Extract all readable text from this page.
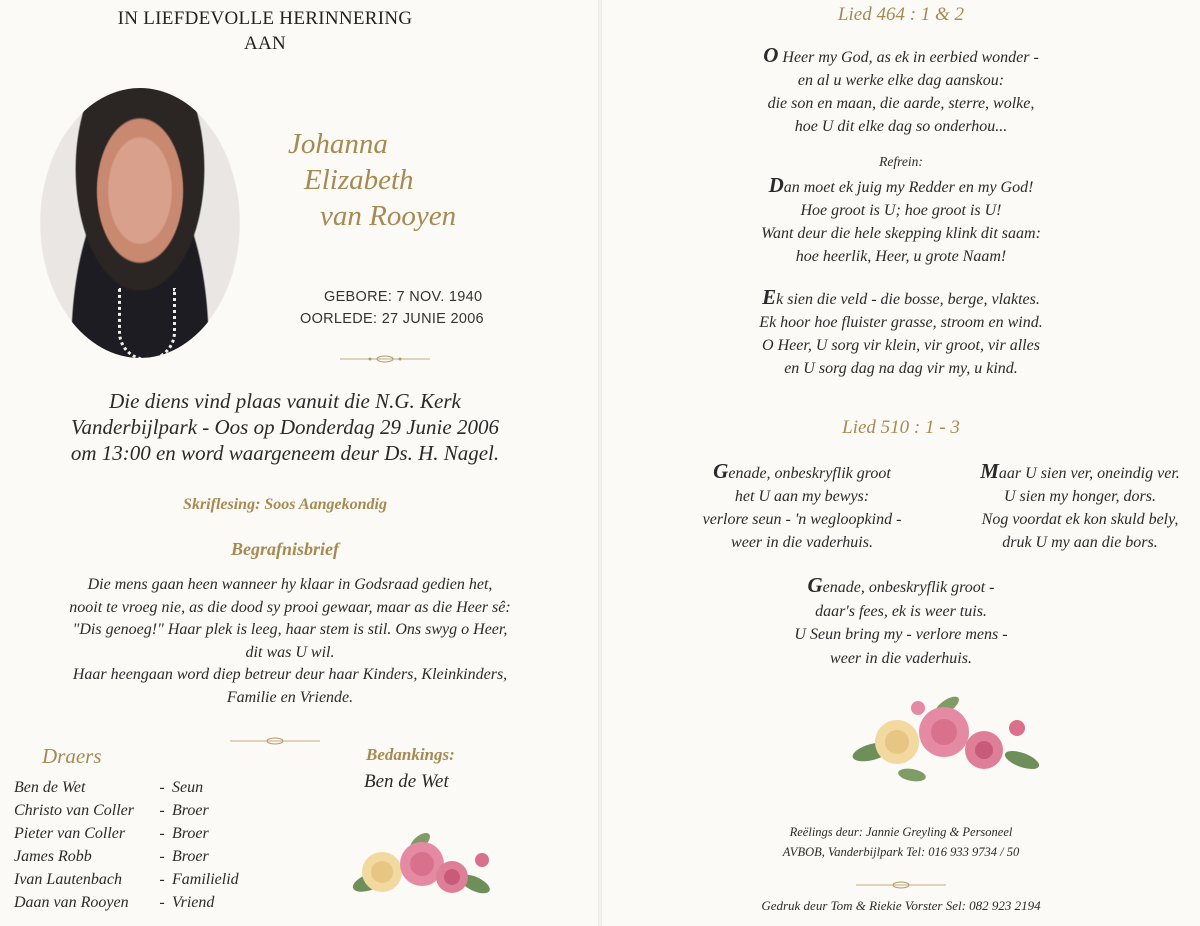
IN LIEFDEVOLLE HERINNERING
AAN
Johanna
Elizabeth
van Rooyen
GEBORE: 7 NOV. 1940
OORLEDE: 27 JUNIE 2006
Die diens vind plaas vanuit die N.G. Kerk
Vanderbijlpark - Oos op Donderdag 29 Junie 2006
om 13:00 en word waargeneem deur Ds. H. Nagel.
Skriflesing: Soos Aangekondig
Begrafnisbrief
Die mens gaan heen wanneer hy klaar in Godsraad gedien het,
nooit te vroeg nie, as die dood sy prooi gewaar, maar as die Heer sê:
"Dis genoeg!" Haar plek is leeg, haar stem is stil. Ons swyg o Heer,
dit was U wil.
Haar heengaan word diep betreur deur haar Kinders, Kleinkinders,
Familie en Vriende.
Draers
Ben de Wet	- Seun
Christo van Coller	- Broer
Pieter van Coller	- Broer
James Robb	- Broer
Ivan Lautenbach	- Familielid
Daan van Rooyen	- Vriend
Bedankings:
Ben de Wet
Lied 464 : 1 & 2
O Heer my God, as ek in eerbied wonder -
en al u werke elke dag aanskou:
die son en maan, die aarde, sterre, wolke,
hoe U dit elke dag so onderhou...
Refrein:
Dan moet ek juig my Redder en my God!
Hoe groot is U; hoe groot is U!
Want deur die hele skepping klink dit saam:
hoe heerlik, Heer, u grote Naam!
Ek sien die veld - die bosse, berge, vlaktes.
Ek hoor hoe fluister grasse, stroom en wind.
O Heer, U sorg vir klein, vir groot, vir alles
en U sorg dag na dag vir my, u kind.
Lied 510 : 1 - 3
Genade, onbeskryflik groot
het U aan my bewys:
verlore seun - 'n wegloopkind -
weer in die vaderhuis.
Maar U sien ver, oneindig ver.
U sien my honger, dors.
Nog voordat ek kon skuld bely,
druk U my aan die bors.
Genade, onbeskryflik groot -
daar's fees, ek is weer tuis.
U Seun bring my - verlore mens -
weer in die vaderhuis.
Reëlings deur: Jannie Greyling & Personeel
AVBOB, Vanderbijlpark Tel: 016 933 9734 / 50
Gedruk deur Tom & Riekie Vorster Sel: 082 923 2194
